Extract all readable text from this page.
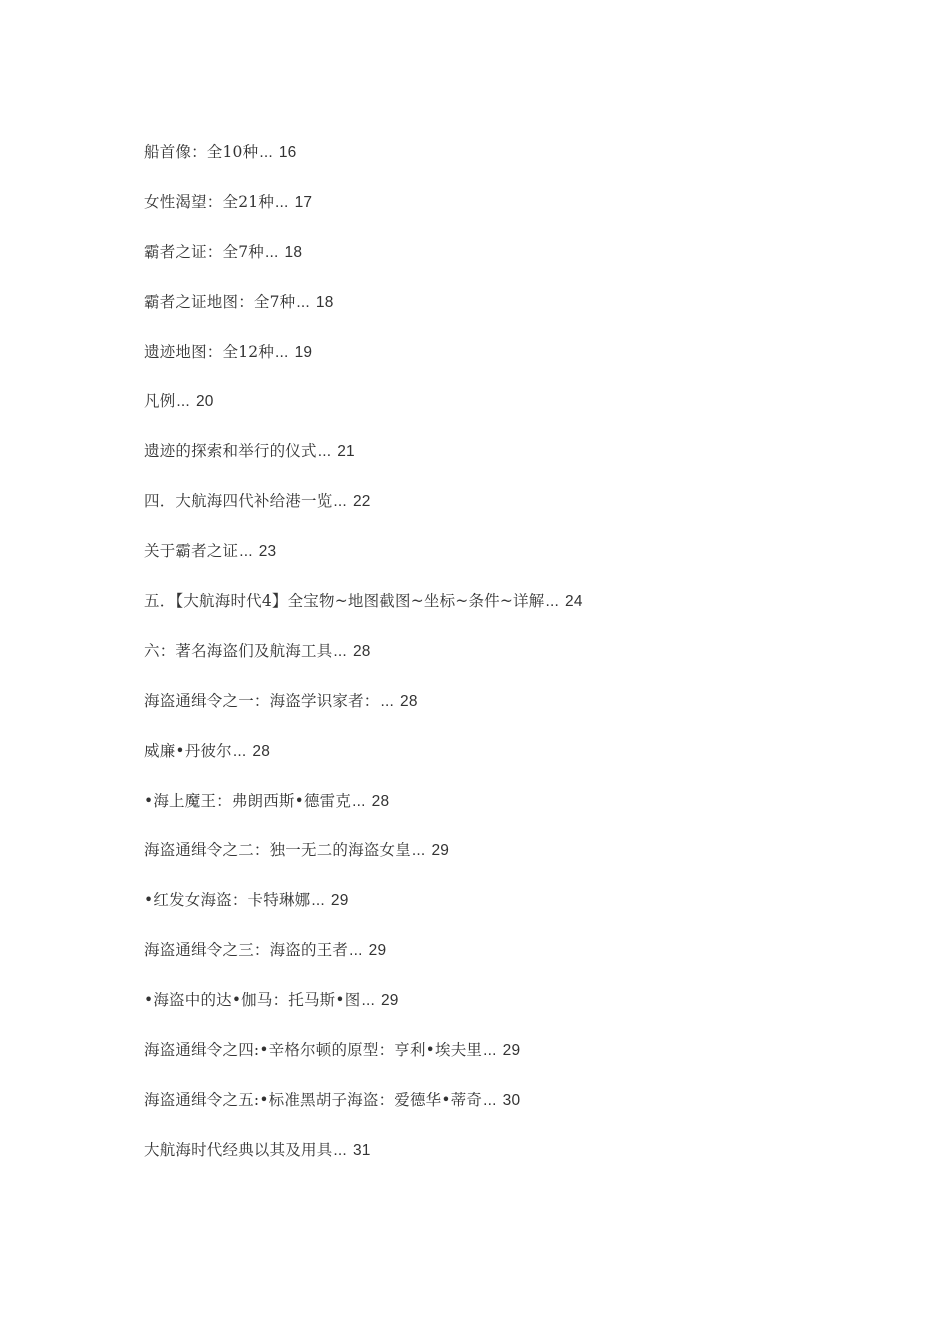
船首像：全10种... 16
女性渴望：全21种... 17
霸者之证：全7种... 18
霸者之证地图：全7种... 18
遗迹地图：全12种... 19
凡例... 20
遗迹的探索和举行的仪式... 21
四．大航海四代补给港一览... 22
关于霸者之证... 23
五．【大航海时代4】全宝物~地图截图~坐标~条件~详解... 24
六：著名海盗们及航海工具... 28
海盗通缉令之一：海盗学识家者：... 28
威廉•丹彼尔... 28
•海上魔王：弗朗西斯•德雷克... 28
海盗通缉令之二：独一无二的海盗女皇... 29
•红发女海盗：卡特琳娜... 29
海盗通缉令之三：海盗的王者... 29
•海盗中的达•伽马：托马斯•图... 29
海盗通缉令之四:•辛格尔顿的原型：亨利•埃夫里... 29
海盗通缉令之五:•标准黑胡子海盗：爱德华•蒂奇... 30
大航海时代经典以其及用具... 31
